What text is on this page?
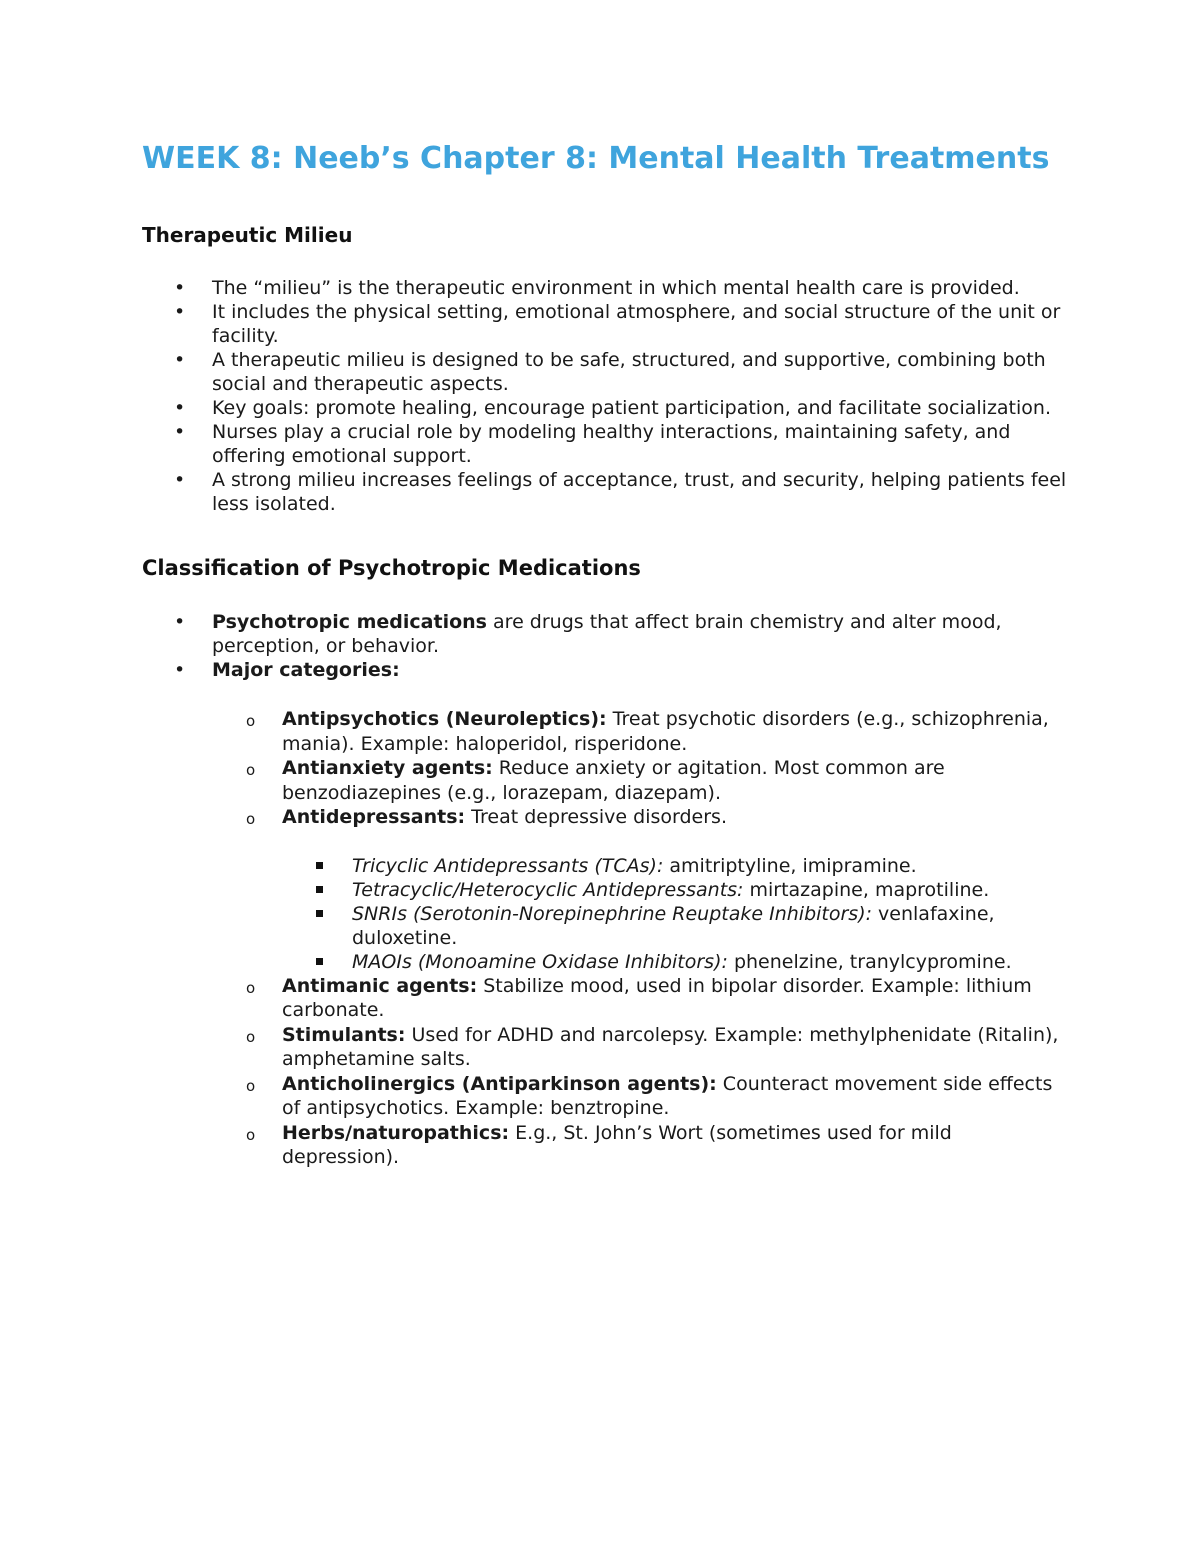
WEEK 8: Neeb’s Chapter 8: Mental Health Treatments
Therapeutic Milieu
• The “milieu” is the therapeutic environment in which mental health care is provided.
• It includes the physical setting, emotional atmosphere, and social structure of the unit or facility.
• A therapeutic milieu is designed to be safe, structured, and supportive, combining both social and therapeutic aspects.
• Key goals: promote healing, encourage patient participation, and facilitate socialization.
• Nurses play a crucial role by modeling healthy interactions, maintaining safety, and offering emotional support.
• A strong milieu increases feelings of acceptance, trust, and security, helping patients feel less isolated.
Classification of Psychotropic Medications
• Psychotropic medications are drugs that affect brain chemistry and alter mood, perception, or behavior.
• Major categories:
o Antipsychotics (Neuroleptics): Treat psychotic disorders (e.g., schizophrenia, mania). Example: haloperidol, risperidone.
o Antianxiety agents: Reduce anxiety or agitation. Most common are benzodiazepines (e.g., lorazepam, diazepam).
o Antidepressants: Treat depressive disorders.
Tricyclic Antidepressants (TCAs): amitriptyline, imipramine.
Tetracyclic/Heterocyclic Antidepressants: mirtazapine, maprotiline.
SNRIs (Serotonin-Norepinephrine Reuptake Inhibitors): venlafaxine, duloxetine.
MAOIs (Monoamine Oxidase Inhibitors): phenelzine, tranylcypromine.
o Antimanic agents: Stabilize mood, used in bipolar disorder. Example: lithium carbonate.
o Stimulants: Used for ADHD and narcolepsy. Example: methylphenidate (Ritalin), amphetamine salts.
o Anticholinergics (Antiparkinson agents): Counteract movement side effects of antipsychotics. Example: benztropine.
o Herbs/naturopathics: E.g., St. John’s Wort (sometimes used for mild depression).
